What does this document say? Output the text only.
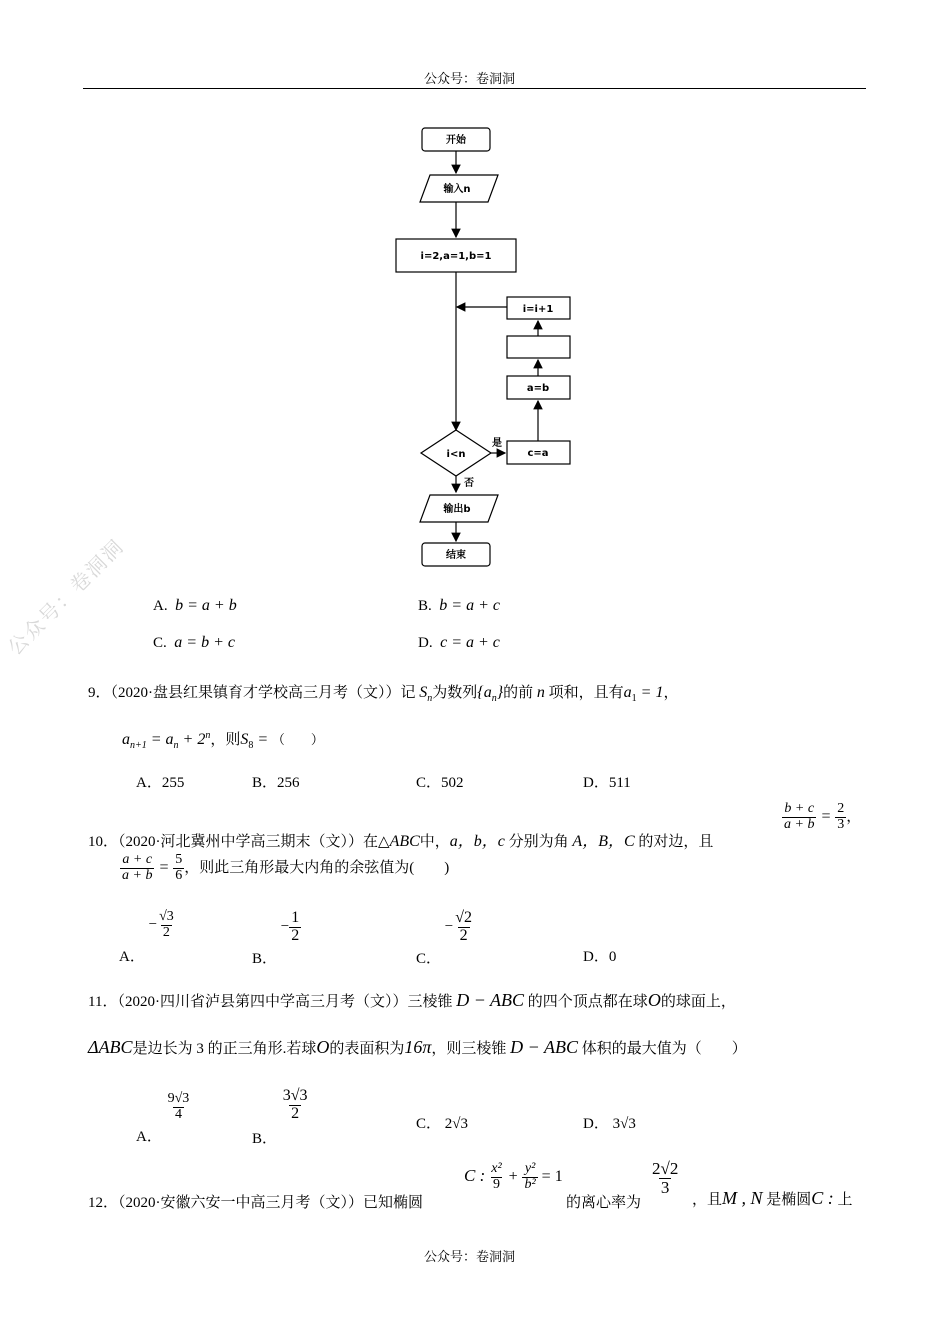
公众号：卷洞洞
公众号：卷洞洞
开始
输入n
i=2,a=1,b=1
i=i+1
a=b
c=a
i<n
是
否
输出b
结束
A. b = a + b	B. b = a + c
C. a = b + c	D. c = a + c
9．（2020·盘县红果镇育才学校高三月考（文））记 $S_n$为数列$\{a_n\}$的前 n 项和，且有$a_1 = 1$，
$a_{n+1} = a_n + 2^n$，则$S_8$ = （　　）
A．255	B．256	C．502	D．511
10．（2020·河北冀州中学高三期末（文））在△ABC中，a，b，c 分别为角 A，B，C 的对边，且
$\frac{b + c}{a + b} = \frac{2}{3}$ ，
$\frac{a + c}{a + b} = \frac{5}{6}$ ，则此三角形最大内角的余弦值为(　　)
A． − $\frac{√3}{2}$
B． − $\frac{1}{2}$
C． − $\frac{√2}{2}$
D．0
11．（2020·四川省泸县第四中学高三月考（文））三棱锥 D − ABC 的四个顶点都在球O的球面上，
ΔABC是边长为 3 的正三角形.若球O的表面积为16π，则三棱锥 D − ABC 体积的最大值为（　　）
A．
$\frac{9√3}{4}$
B．
$\frac{3√3}{2}$
C． 2√3	D． 3√3
12．（2020·安徽六安一中高三月考（文））已知椭圆
C : $\frac{\text{x²}}{9} + \frac{\text{y²}}{\text{b²}} = 1$
的离心率为
$\frac{2√2}{3}$
，且M , N 是椭圆C : 上
公众号：卷洞洞
